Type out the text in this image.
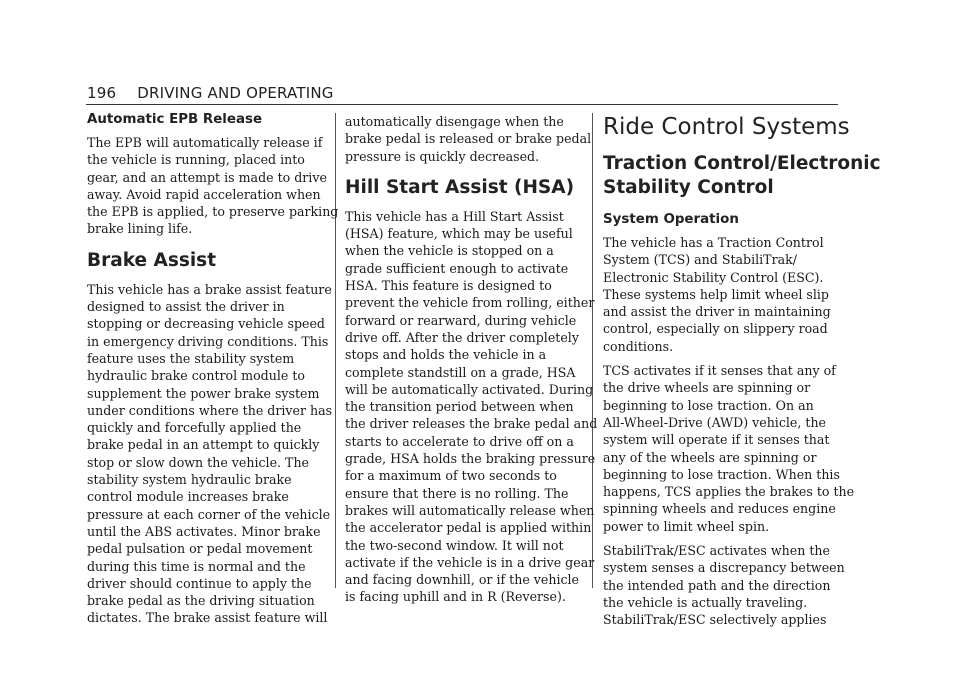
196 DRIVING AND OPERATING
Automatic EPB Release

The EPB will automatically release if
the vehicle is running, placed into
gear, and an attempt is made to drive
away. Avoid rapid acceleration when
the EPB is applied, to preserve parking
brake lining life.

Brake Assist

This vehicle has a brake assist feature
designed to assist the driver in
stopping or decreasing vehicle speed
in emergency driving conditions. This
feature uses the stability system
hydraulic brake control module to
supplement the power brake system
under conditions where the driver has
quickly and forcefully applied the
brake pedal in an attempt to quickly
stop or slow down the vehicle. The
stability system hydraulic brake
control module increases brake
pressure at each corner of the vehicle
until the ABS activates. Minor brake
pedal pulsation or pedal movement
during this time is normal and the
driver should continue to apply the
brake pedal as the driving situation
dictates. The brake assist feature will

automatically disengage when the
brake pedal is released or brake pedal
pressure is quickly decreased.

Hill Start Assist (HSA)

This vehicle has a Hill Start Assist
(HSA) feature, which may be useful
when the vehicle is stopped on a
grade sufficient enough to activate
HSA. This feature is designed to
prevent the vehicle from rolling, either
forward or rearward, during vehicle
drive off. After the driver completely
stops and holds the vehicle in a
complete standstill on a grade, HSA
will be automatically activated. During
the transition period between when
the driver releases the brake pedal and
starts to accelerate to drive off on a
grade, HSA holds the braking pressure
for a maximum of two seconds to
ensure that there is no rolling. The
brakes will automatically release when
the accelerator pedal is applied within
the two-second window. It will not
activate if the vehicle is in a drive gear
and facing downhill, or if the vehicle
is facing uphill and in R (Reverse).

Ride Control Systems
Traction Control/Electronic
Stability Control
System Operation

The vehicle has a Traction Control
System (TCS) and StabiliTrak/
Electronic Stability Control (ESC).
These systems help limit wheel slip
and assist the driver in maintaining
control, especially on slippery road
conditions.

TCS activates if it senses that any of
the drive wheels are spinning or
beginning to lose traction. On an
All-Wheel-Drive (AWD) vehicle, the
system will operate if it senses that
any of the wheels are spinning or
beginning to lose traction. When this
happens, TCS applies the brakes to the
spinning wheels and reduces engine
power to limit wheel spin.

StabiliTrak/ESC activates when the
system senses a discrepancy between
the intended path and the direction
the vehicle is actually traveling.
StabiliTrak/ESC selectively applies
